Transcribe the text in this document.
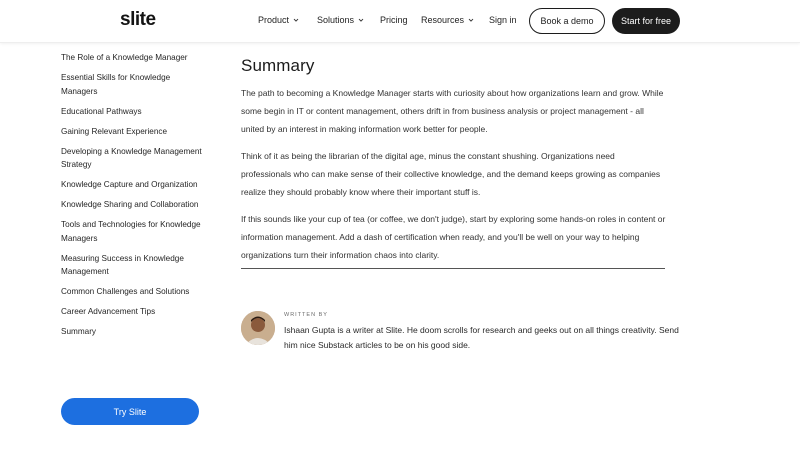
slite	Product	Solutions	Pricing Resources	Sign in	Book a demo	Start for free
The Role of a Knowledge Manager
Essential Skills for Knowledge Managers
Educational Pathways
Gaining Relevant Experience
Developing a Knowledge Management Strategy
Knowledge Capture and Organization
Knowledge Sharing and Collaboration
Tools and Technologies for Knowledge Managers
Measuring Success in Knowledge Management
Common Challenges and Solutions
Career Advancement Tips
Summary
Try Slite
Summary

The path to becoming a Knowledge Manager starts with curiosity about how organizations learn and grow. While some begin in IT or content management, others drift in from business analysis or project management - all united by an interest in making information work better for people.

Think of it as being the librarian of the digital age, minus the constant shushing. Organizations need professionals who can make sense of their collective knowledge, and the demand keeps growing as companies realize they should probably know where their important stuff is.

If this sounds like your cup of tea (or coffee, we don't judge), start by exploring some hands-on roles in content or information management. Add a dash of certification when ready, and you'll be well on your way to helping organizations turn their information chaos into clarity.

WRITTEN BY
Ishaan Gupta is a writer at Slite. He doom scrolls for research and geeks out on all things creativity. Send him nice Substack articles to be on his good side.
